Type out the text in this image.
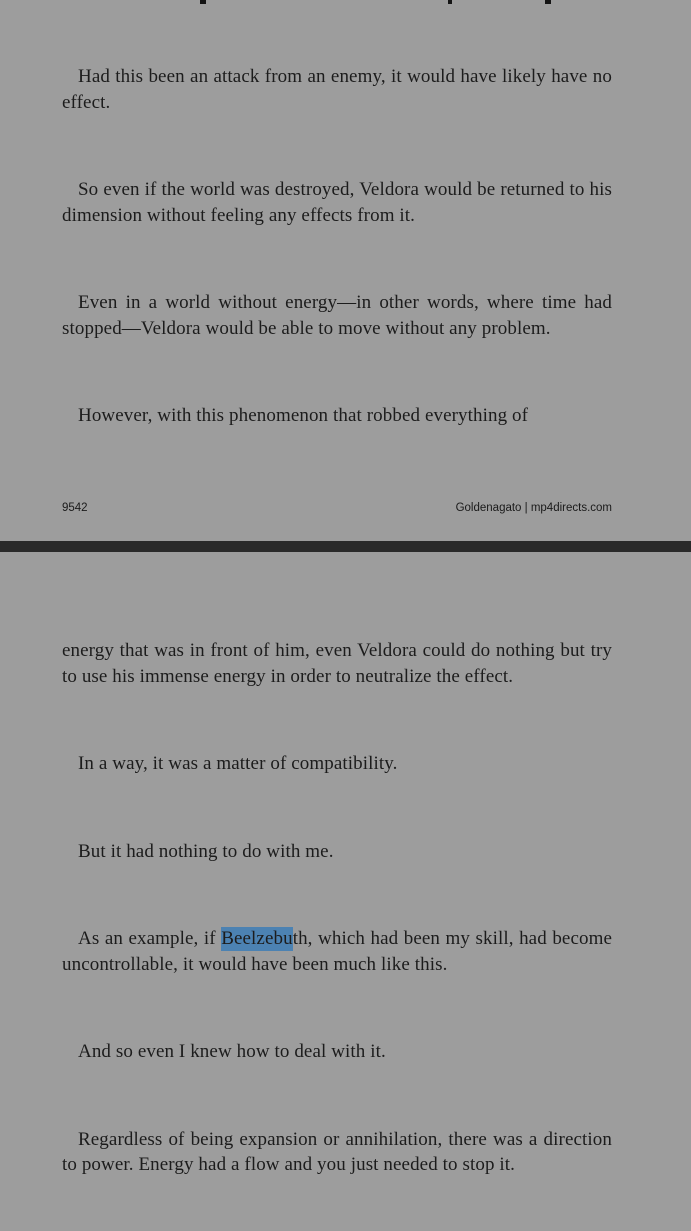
Had this been an attack from an enemy, it would have likely have no effect.

So even if the world was destroyed, Veldora would be returned to his dimension without feeling any effects from it.

Even in a world without energy—in other words, where time had stopped—Veldora would be able to move without any problem.

However, with this phenomenon that robbed everything of

9542	Goldenagato | mp4directs.com

energy that was in front of him, even Veldora could do nothing but try to use his immense energy in order to neutralize the effect.

In a way, it was a matter of compatibility.

But it had nothing to do with me.

As an example, if Beelzebuth, which had been my skill, had become uncontrollable, it would have been much like this.

And so even I knew how to deal with it.

Regardless of being expansion or annihilation, there was a direction to power. Energy had a flow and you just needed to stop it.
